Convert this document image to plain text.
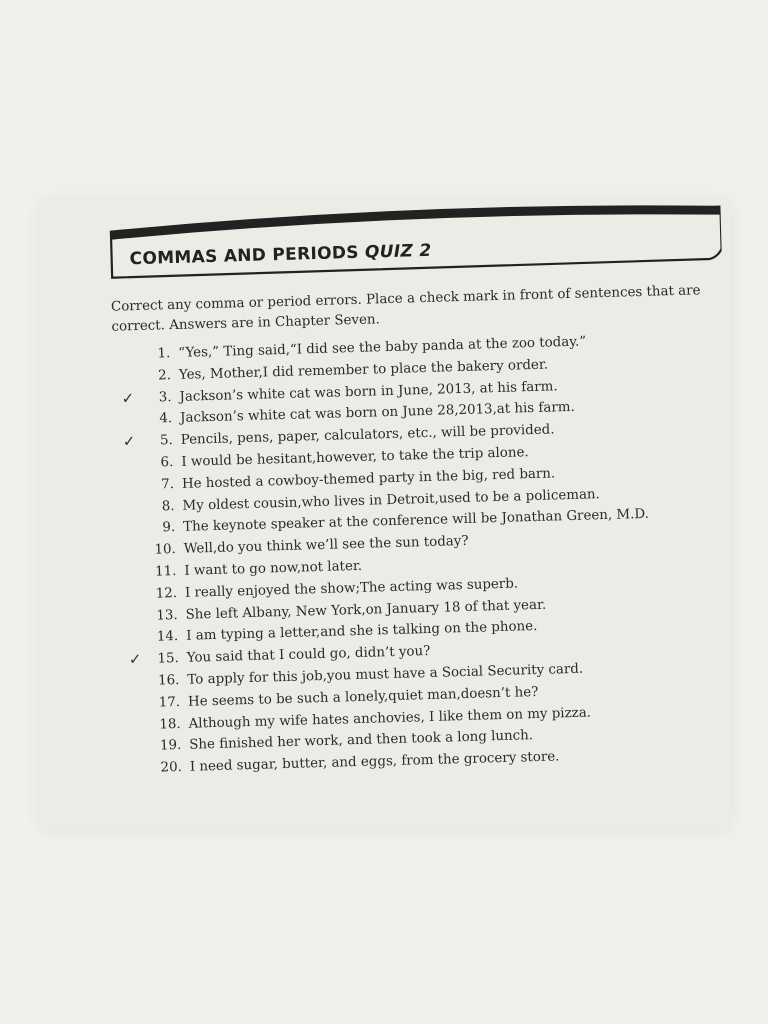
COMMAS AND PERIODS QUIZ 2
Correct any comma or period errors. Place a check mark in front of sentences that are correct. Answers are in Chapter Seven.
1. “Yes,” Ting said,“I did see the baby panda at the zoo today.”
2. Yes, Mother,I did remember to place the bakery order.
✓	3. Jackson’s white cat was born in June, 2013, at his farm.
4. Jackson’s white cat was born on June 28,2013,at his farm.
✓	5. Pencils, pens, paper, calculators, etc., will be provided.
6. I would be hesitant,however, to take the trip alone.
7. He hosted a cowboy-themed party in the big, red barn.
8. My oldest cousin,who lives in Detroit,used to be a policeman.
9. The keynote speaker at the conference will be Jonathan Green, M.D.
10. Well,do you think we’ll see the sun today?
11. I want to go now,not later.
12. I really enjoyed the show;The acting was superb.
13. She left Albany, New York,on January 18 of that year.
14. I am typing a letter,and she is talking on the phone.
✓	15. You said that I could go, didn’t you?
16. To apply for this job,you must have a Social Security card.
17. He seems to be such a lonely,quiet man,doesn’t he?
18. Although my wife hates anchovies, I like them on my pizza.
19. She finished her work, and then took a long lunch.
20. I need sugar, butter, and eggs, from the grocery store.
